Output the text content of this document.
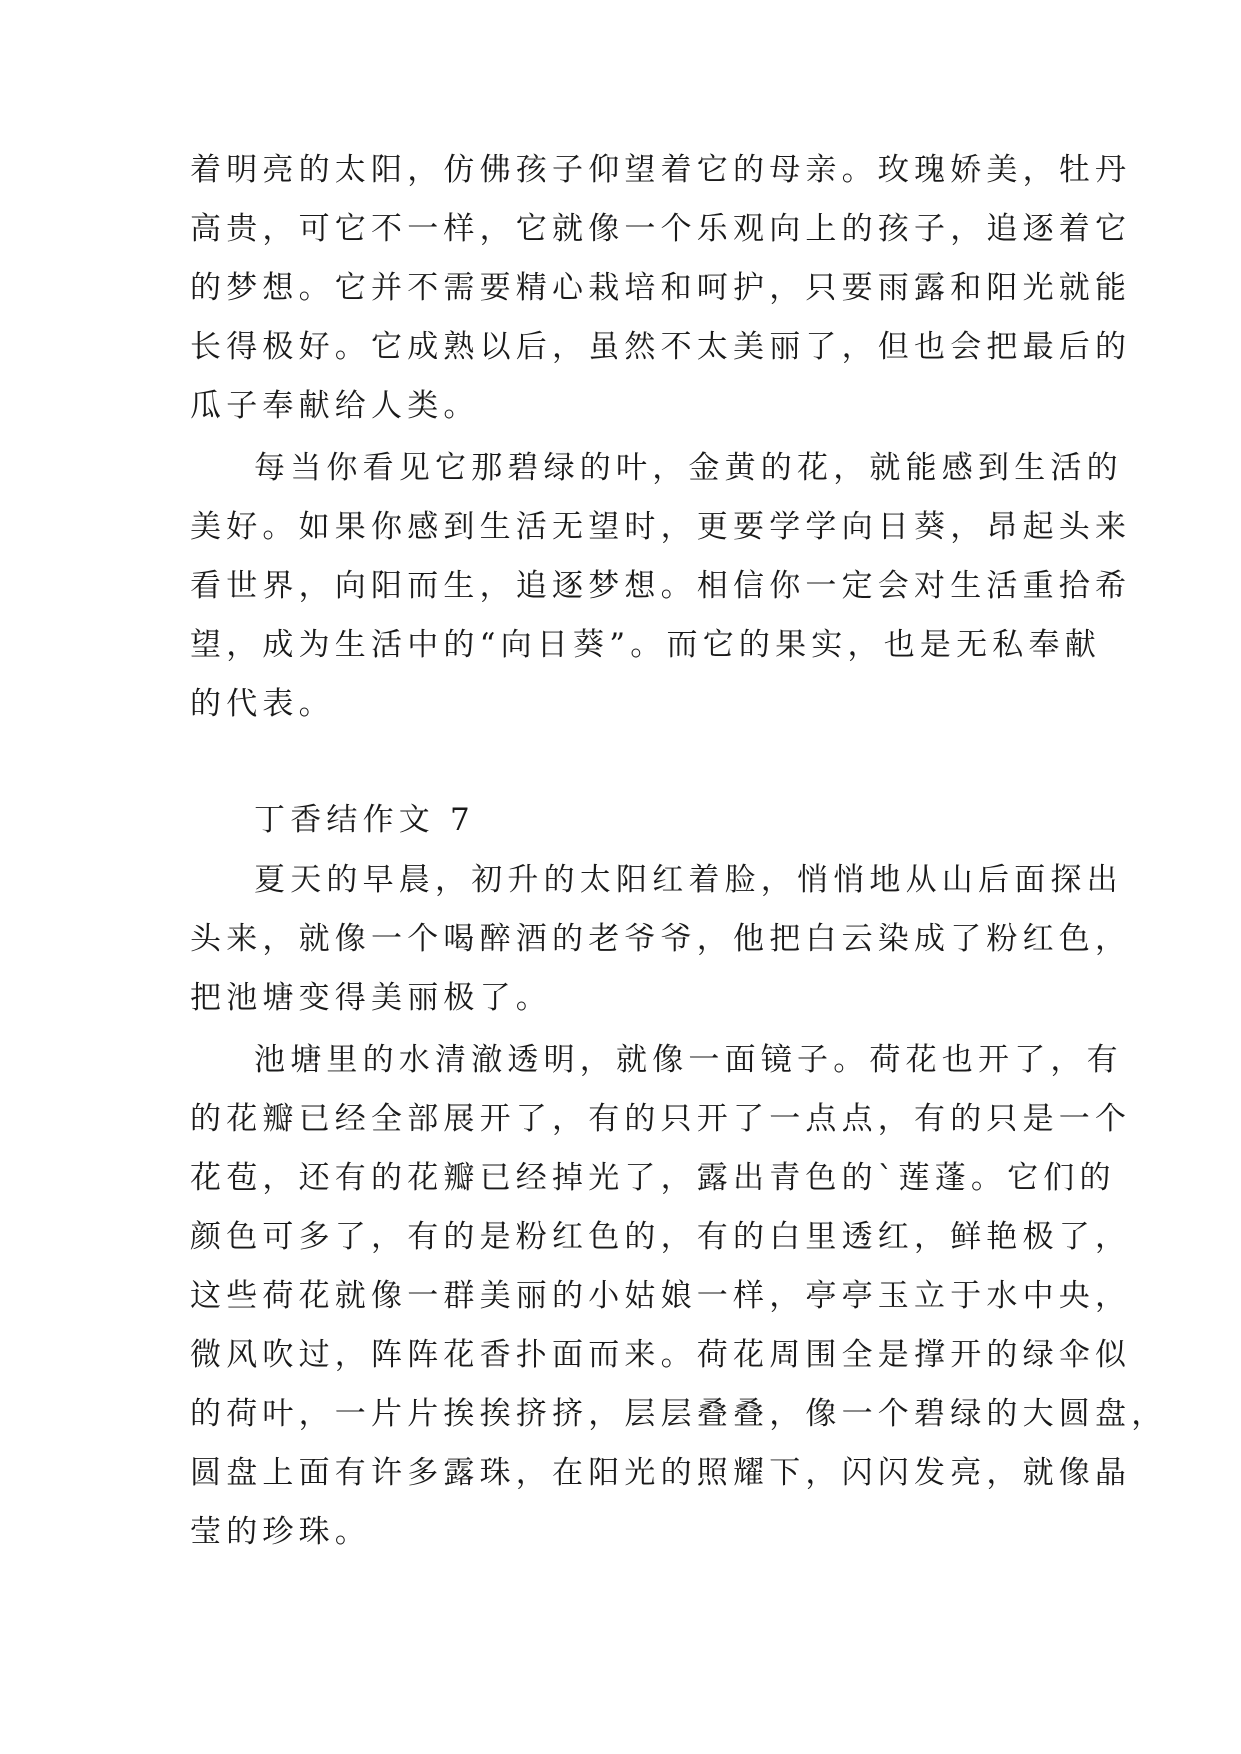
着明亮的太阳，仿佛孩子仰望着它的母亲。玫瑰娇美，牡丹
高贵，可它不一样，它就像一个乐观向上的孩子，追逐着它
的梦想。它并不需要精心栽培和呵护，只要雨露和阳光就能
长得极好。它成熟以后，虽然不太美丽了，但也会把最后的
瓜子奉献给人类。
每当你看见它那碧绿的叶，金黄的花，就能感到生活的
美好。如果你感到生活无望时，更要学学向日葵，昂起头来
看世界，向阳而生，追逐梦想。相信你一定会对生活重拾希
望，成为生活中的“向日葵”。而它的果实，也是无私奉献
的代表。
丁香结作文 7
夏天的早晨，初升的太阳红着脸，悄悄地从山后面探出
头来，就像一个喝醉酒的老爷爷，他把白云染成了粉红色，
把池塘变得美丽极了。
池塘里的水清澈透明，就像一面镜子。荷花也开了，有
的花瓣已经全部展开了，有的只开了一点点，有的只是一个
花苞，还有的花瓣已经掉光了，露出青色的`莲蓬。它们的
颜色可多了，有的是粉红色的，有的白里透红，鲜艳极了，
这些荷花就像一群美丽的小姑娘一样，亭亭玉立于水中央，
微风吹过，阵阵花香扑面而来。荷花周围全是撑开的绿伞似
的荷叶，一片片挨挨挤挤，层层叠叠，像一个碧绿的大圆盘，
圆盘上面有许多露珠，在阳光的照耀下，闪闪发亮，就像晶
莹的珍珠。
